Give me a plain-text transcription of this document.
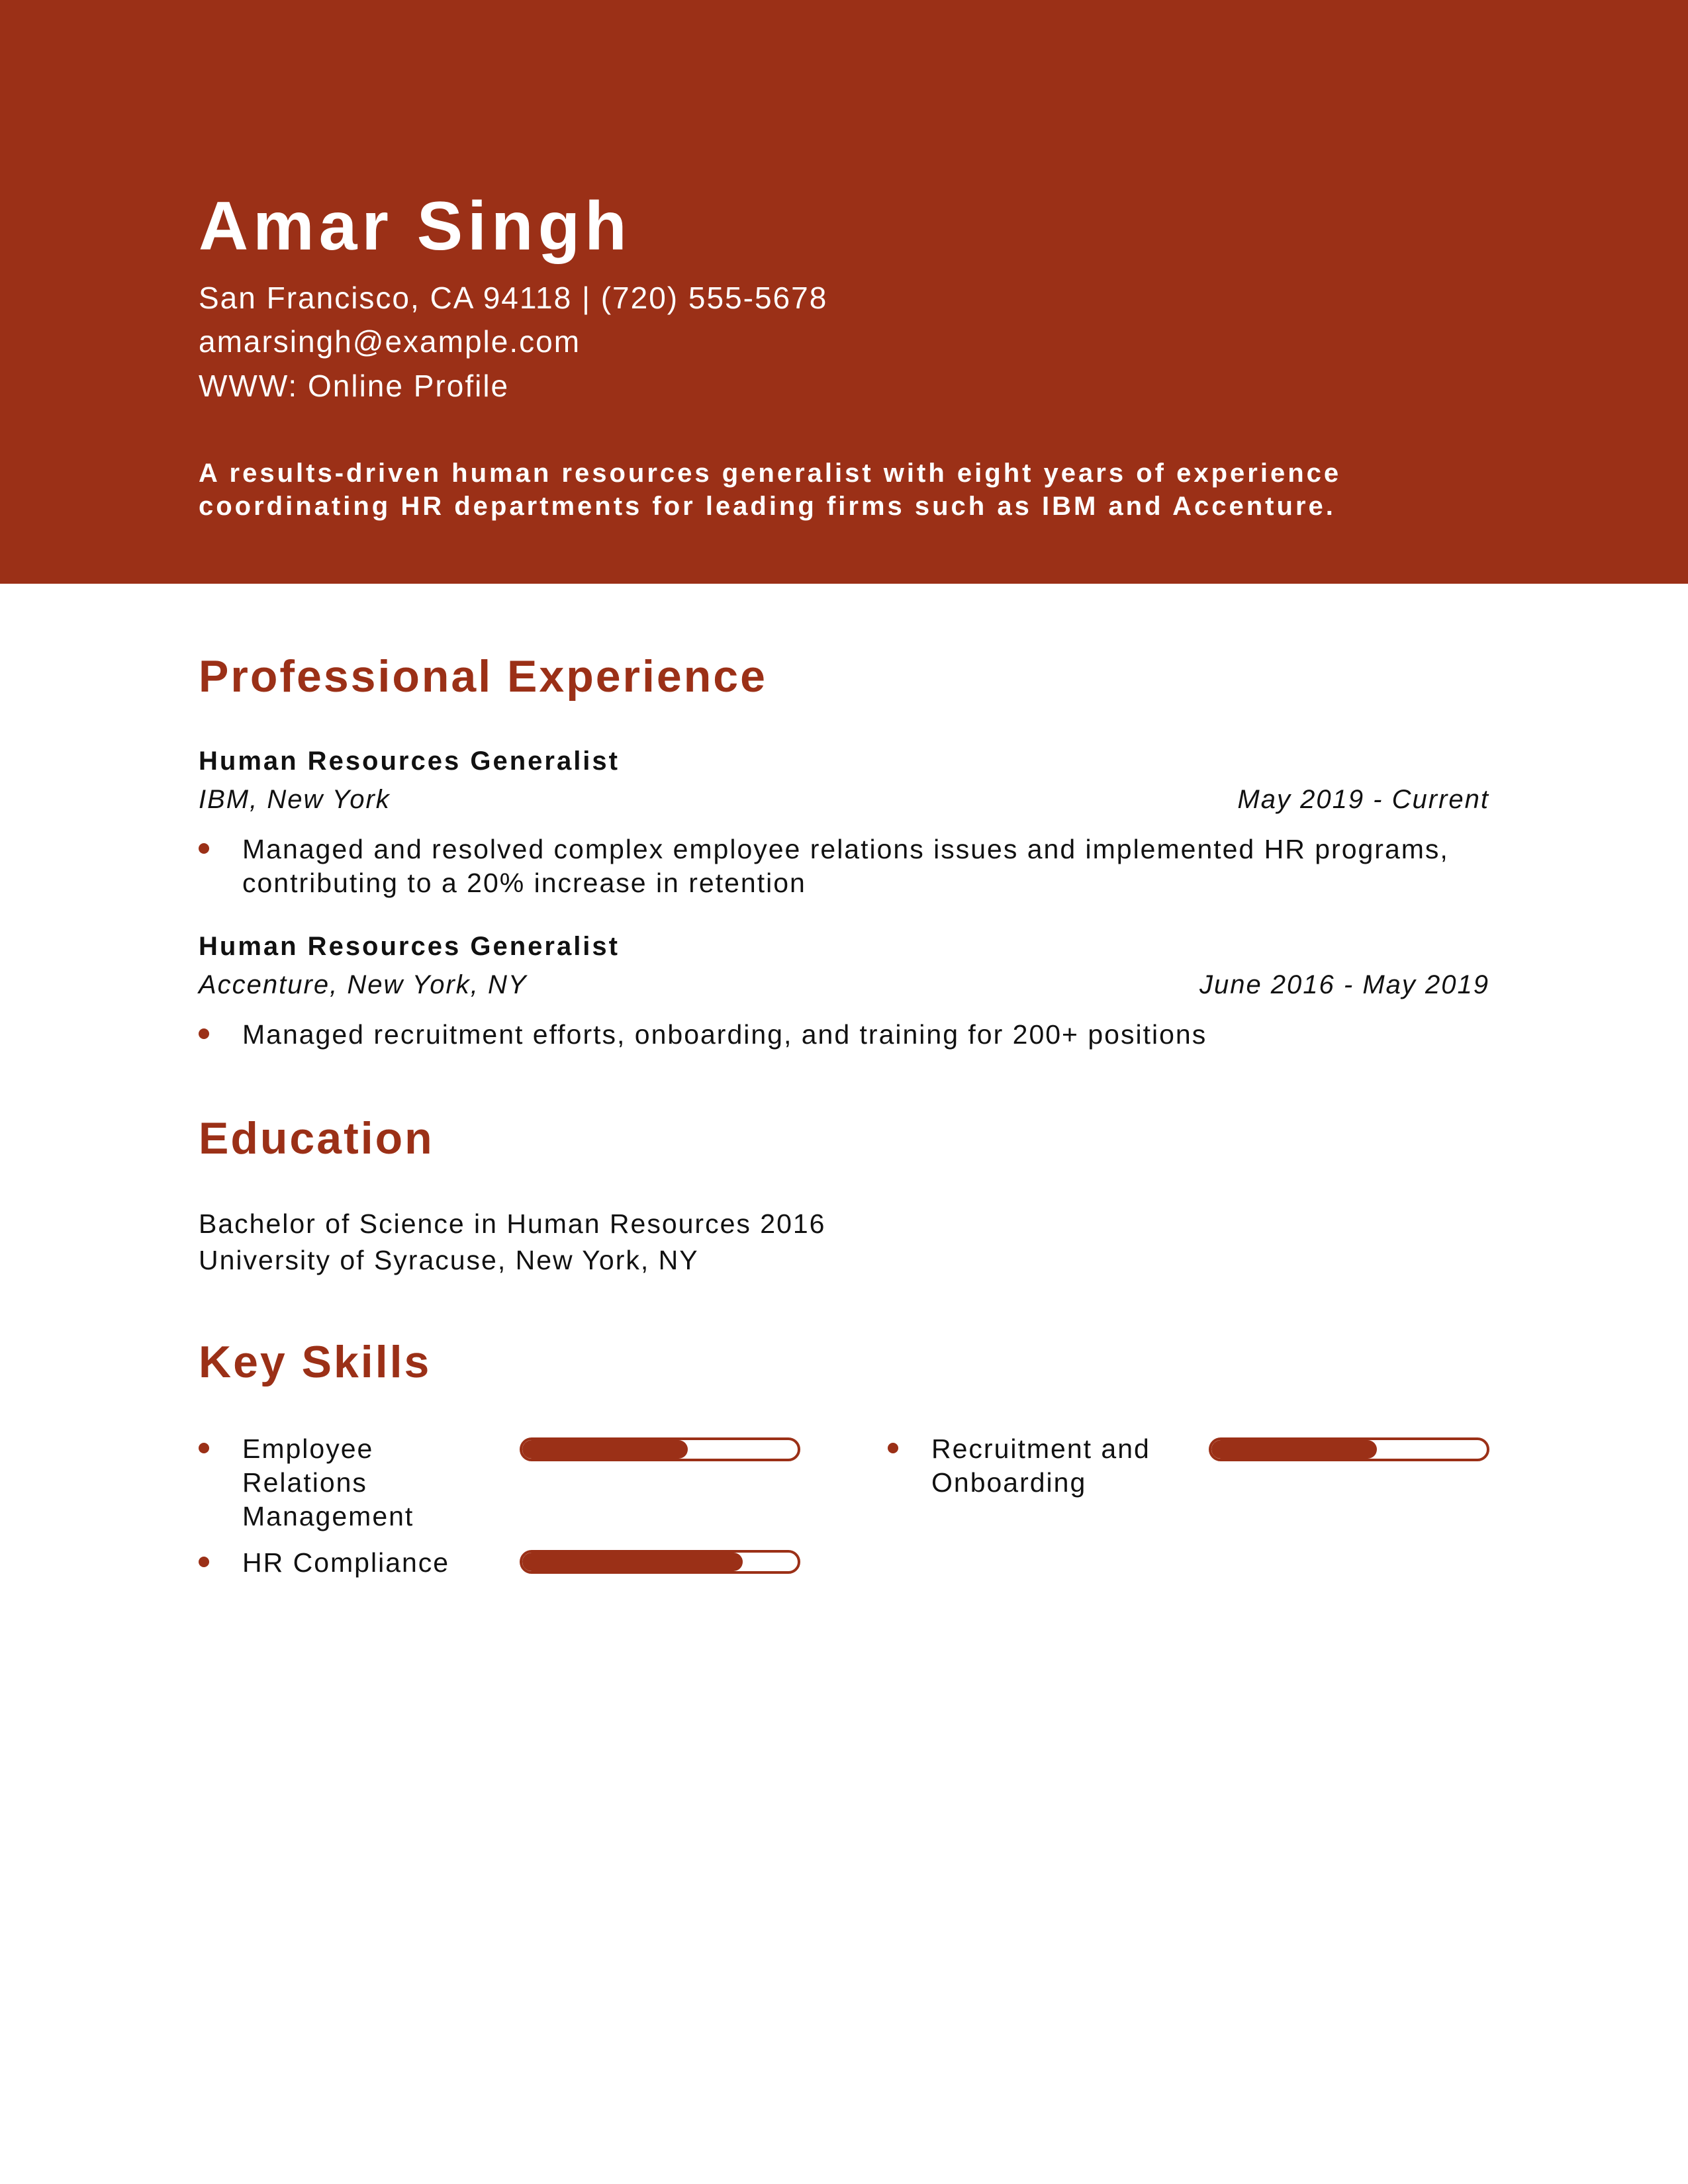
Amar Singh
San Francisco, CA 94118 | (720) 555-5678
amarsingh@example.com
WWW: Online Profile
A results-driven human resources generalist with eight years of experience coordinating HR departments for leading firms such as IBM and Accenture.
Professional Experience
Human Resources Generalist
IBM, New York	May 2019 - Current
Managed and resolved complex employee relations issues and implemented HR programs, contributing to a 20% increase in retention
Human Resources Generalist
Accenture, New York, NY	June 2016 - May 2019
Managed recruitment efforts, onboarding, and training for 200+ positions
Education
Bachelor of Science in Human Resources 2016
University of Syracuse, New York, NY
Key Skills
Employee Relations Management
Recruitment and Onboarding
HR Compliance
